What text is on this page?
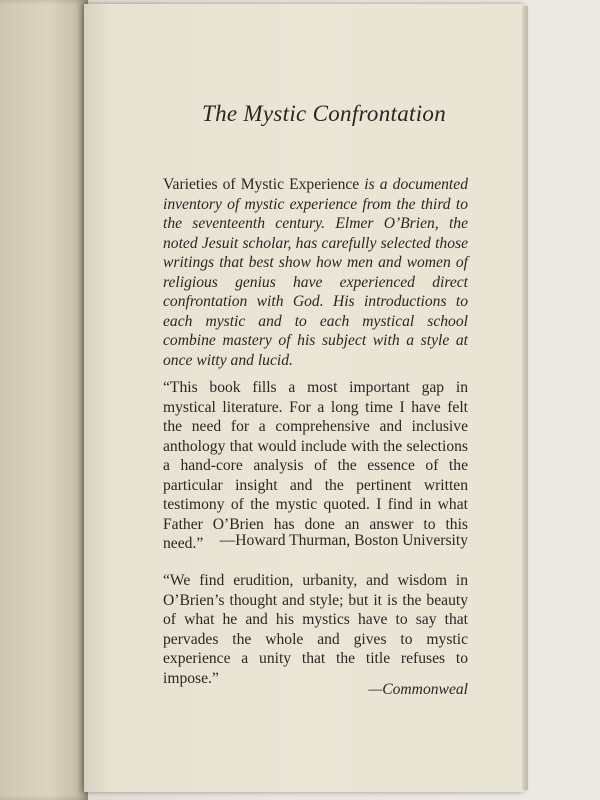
The Mystic Confrontation

Varieties of Mystic Experience is a documented inventory of mystic experience from the third to the seventeenth century. Elmer O’Brien, the noted Jesuit scholar, has carefully selected those writings that best show how men and women of religious genius have experienced direct confrontation with God. His introductions to each mystic and to each mystical school combine mastery of his subject with a style at once witty and lucid.

“This book fills a most important gap in mystical literature. For a long time I have felt the need for a comprehensive and inclusive anthology that would include with the selections a hand-core analysis of the essence of the particular insight and the pertinent written testimony of the mystic quoted. I find in what Father O’Brien has done an answer to this need.”	—Howard Thurman, Boston University

“We find erudition, urbanity, and wisdom in O’Brien’s thought and style; but it is the beauty of what he and his mystics have to say that pervades the whole and gives to mystic experience a unity that the title refuses to impose.”

—Commonweal
